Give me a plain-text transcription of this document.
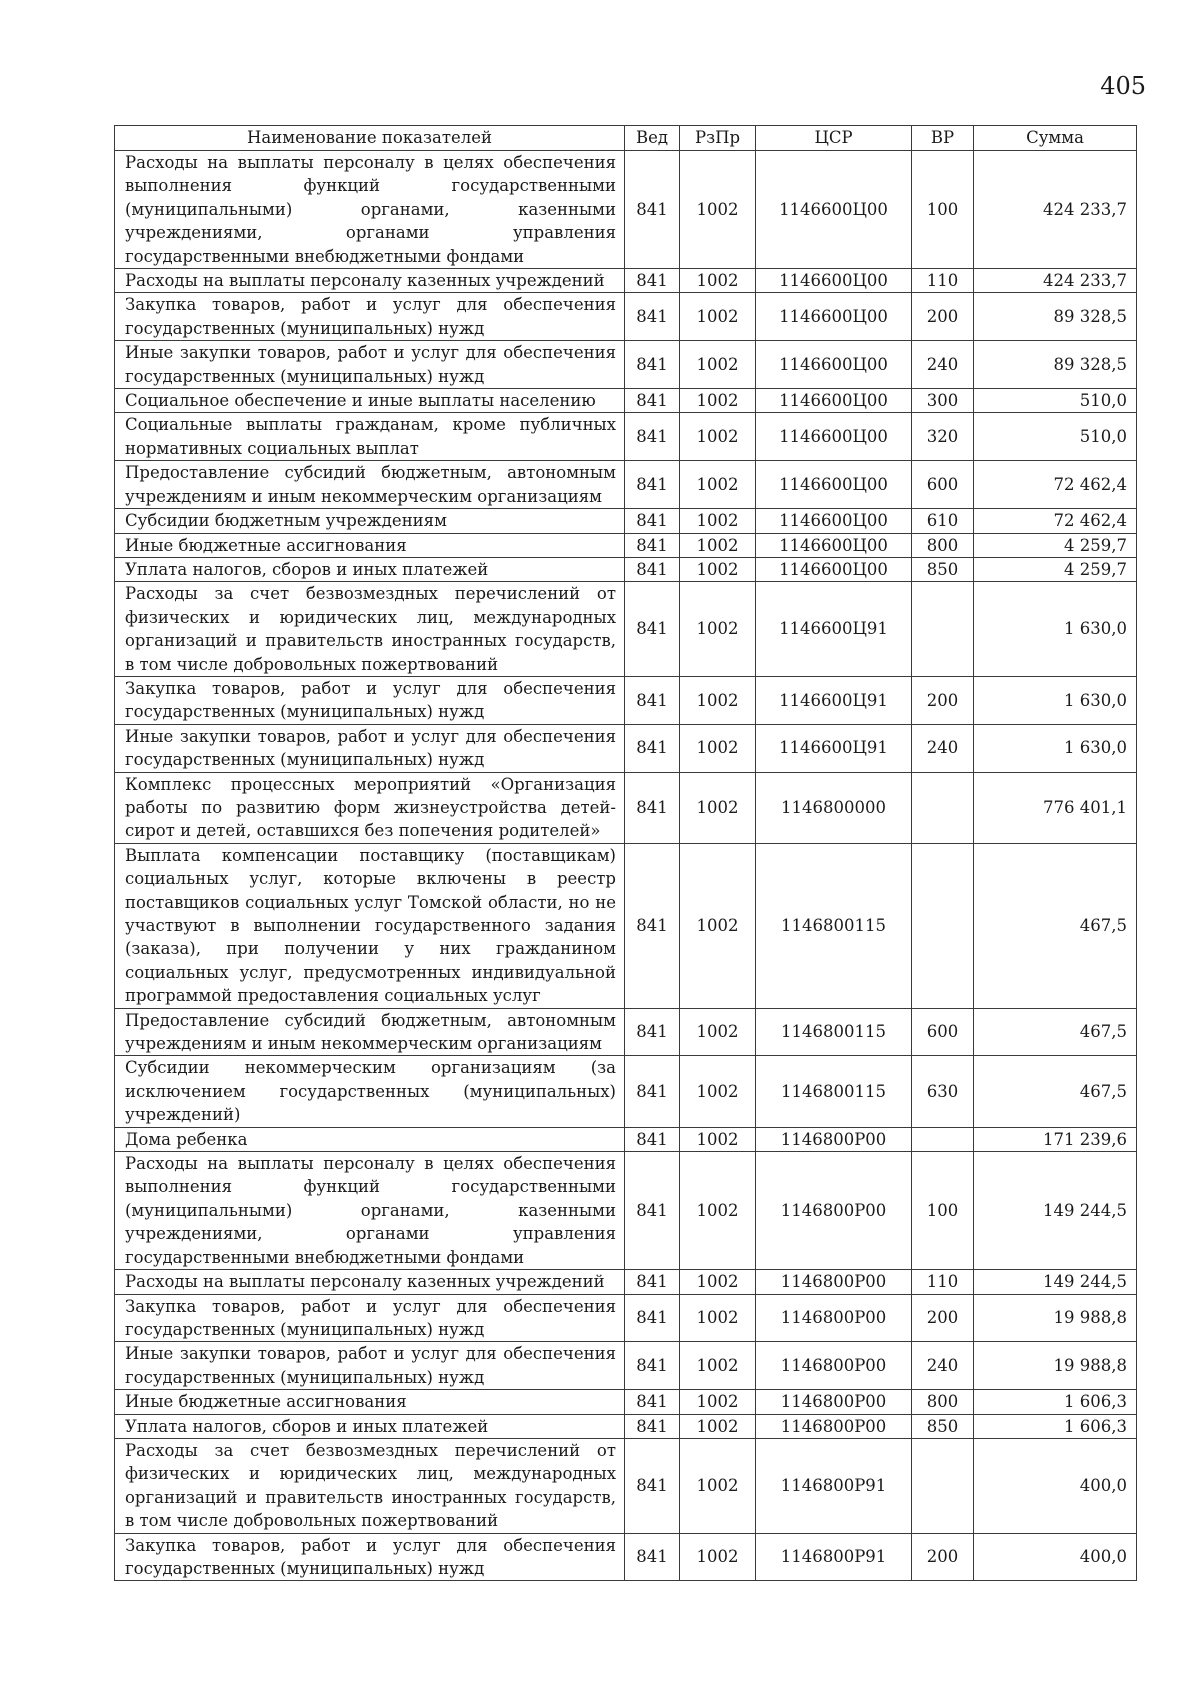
405
Наименование показателей	Вед	РзПр	ЦСР	ВР	Сумма
Расходы на выплаты персоналу в целях обеспечения выполнения функций государственными (муниципальными) органами, казенными учреждениями, органами управления государственными внебюджетными фондами	841	1002	1146600Ц00	100	424 233,7
Расходы на выплаты персоналу казенных учреждений	841	1002	1146600Ц00	110	424 233,7
Закупка товаров, работ и услуг для обеспечения государственных (муниципальных) нужд	841	1002	1146600Ц00	200	89 328,5
Иные закупки товаров, работ и услуг для обеспечения государственных (муниципальных) нужд	841	1002	1146600Ц00	240	89 328,5
Социальное обеспечение и иные выплаты населению	841	1002	1146600Ц00	300	510,0
Социальные выплаты гражданам, кроме публичных нормативных социальных выплат	841	1002	1146600Ц00	320	510,0
Предоставление субсидий бюджетным, автономным учреждениям и иным некоммерческим организациям	841	1002	1146600Ц00	600	72 462,4
Субсидии бюджетным учреждениям	841	1002	1146600Ц00	610	72 462,4
Иные бюджетные ассигнования	841	1002	1146600Ц00	800	4 259,7
Уплата налогов, сборов и иных платежей	841	1002	1146600Ц00	850	4 259,7
Расходы за счет безвозмездных перечислений от физических и юридических лиц, международных организаций и правительств иностранных государств, в том числе добровольных пожертвований	841	1002	1146600Ц91		1 630,0
Закупка товаров, работ и услуг для обеспечения государственных (муниципальных) нужд	841	1002	1146600Ц91	200	1 630,0
Иные закупки товаров, работ и услуг для обеспечения государственных (муниципальных) нужд	841	1002	1146600Ц91	240	1 630,0
Комплекс процессных мероприятий «Организация работы по развитию форм жизнеустройства детей-сирот и детей, оставшихся без попечения родителей»	841	1002	1146800000		776 401,1
Выплата компенсации поставщику (поставщикам) социальных услуг, которые включены в реестр поставщиков социальных услуг Томской области, но не участвуют в выполнении государственного задания (заказа), при получении у них гражданином социальных услуг, предусмотренных индивидуальной программой предоставления социальных услуг	841	1002	1146800115		467,5
Предоставление субсидий бюджетным, автономным учреждениям и иным некоммерческим организациям	841	1002	1146800115	600	467,5
Субсидии некоммерческим организациям (за исключением государственных (муниципальных) учреждений)	841	1002	1146800115	630	467,5
Дома ребенка	841	1002	1146800Р00		171 239,6
Расходы на выплаты персоналу в целях обеспечения выполнения функций государственными (муниципальными) органами, казенными учреждениями, органами управления государственными внебюджетными фондами	841	1002	1146800Р00	100	149 244,5
Расходы на выплаты персоналу казенных учреждений	841	1002	1146800Р00	110	149 244,5
Закупка товаров, работ и услуг для обеспечения государственных (муниципальных) нужд	841	1002	1146800Р00	200	19 988,8
Иные закупки товаров, работ и услуг для обеспечения государственных (муниципальных) нужд	841	1002	1146800Р00	240	19 988,8
Иные бюджетные ассигнования	841	1002	1146800Р00	800	1 606,3
Уплата налогов, сборов и иных платежей	841	1002	1146800Р00	850	1 606,3
Расходы за счет безвозмездных перечислений от физических и юридических лиц, международных организаций и правительств иностранных государств, в том числе добровольных пожертвований	841	1002	1146800Р91		400,0
Закупка товаров, работ и услуг для обеспечения государственных (муниципальных) нужд	841	1002	1146800Р91	200	400,0
